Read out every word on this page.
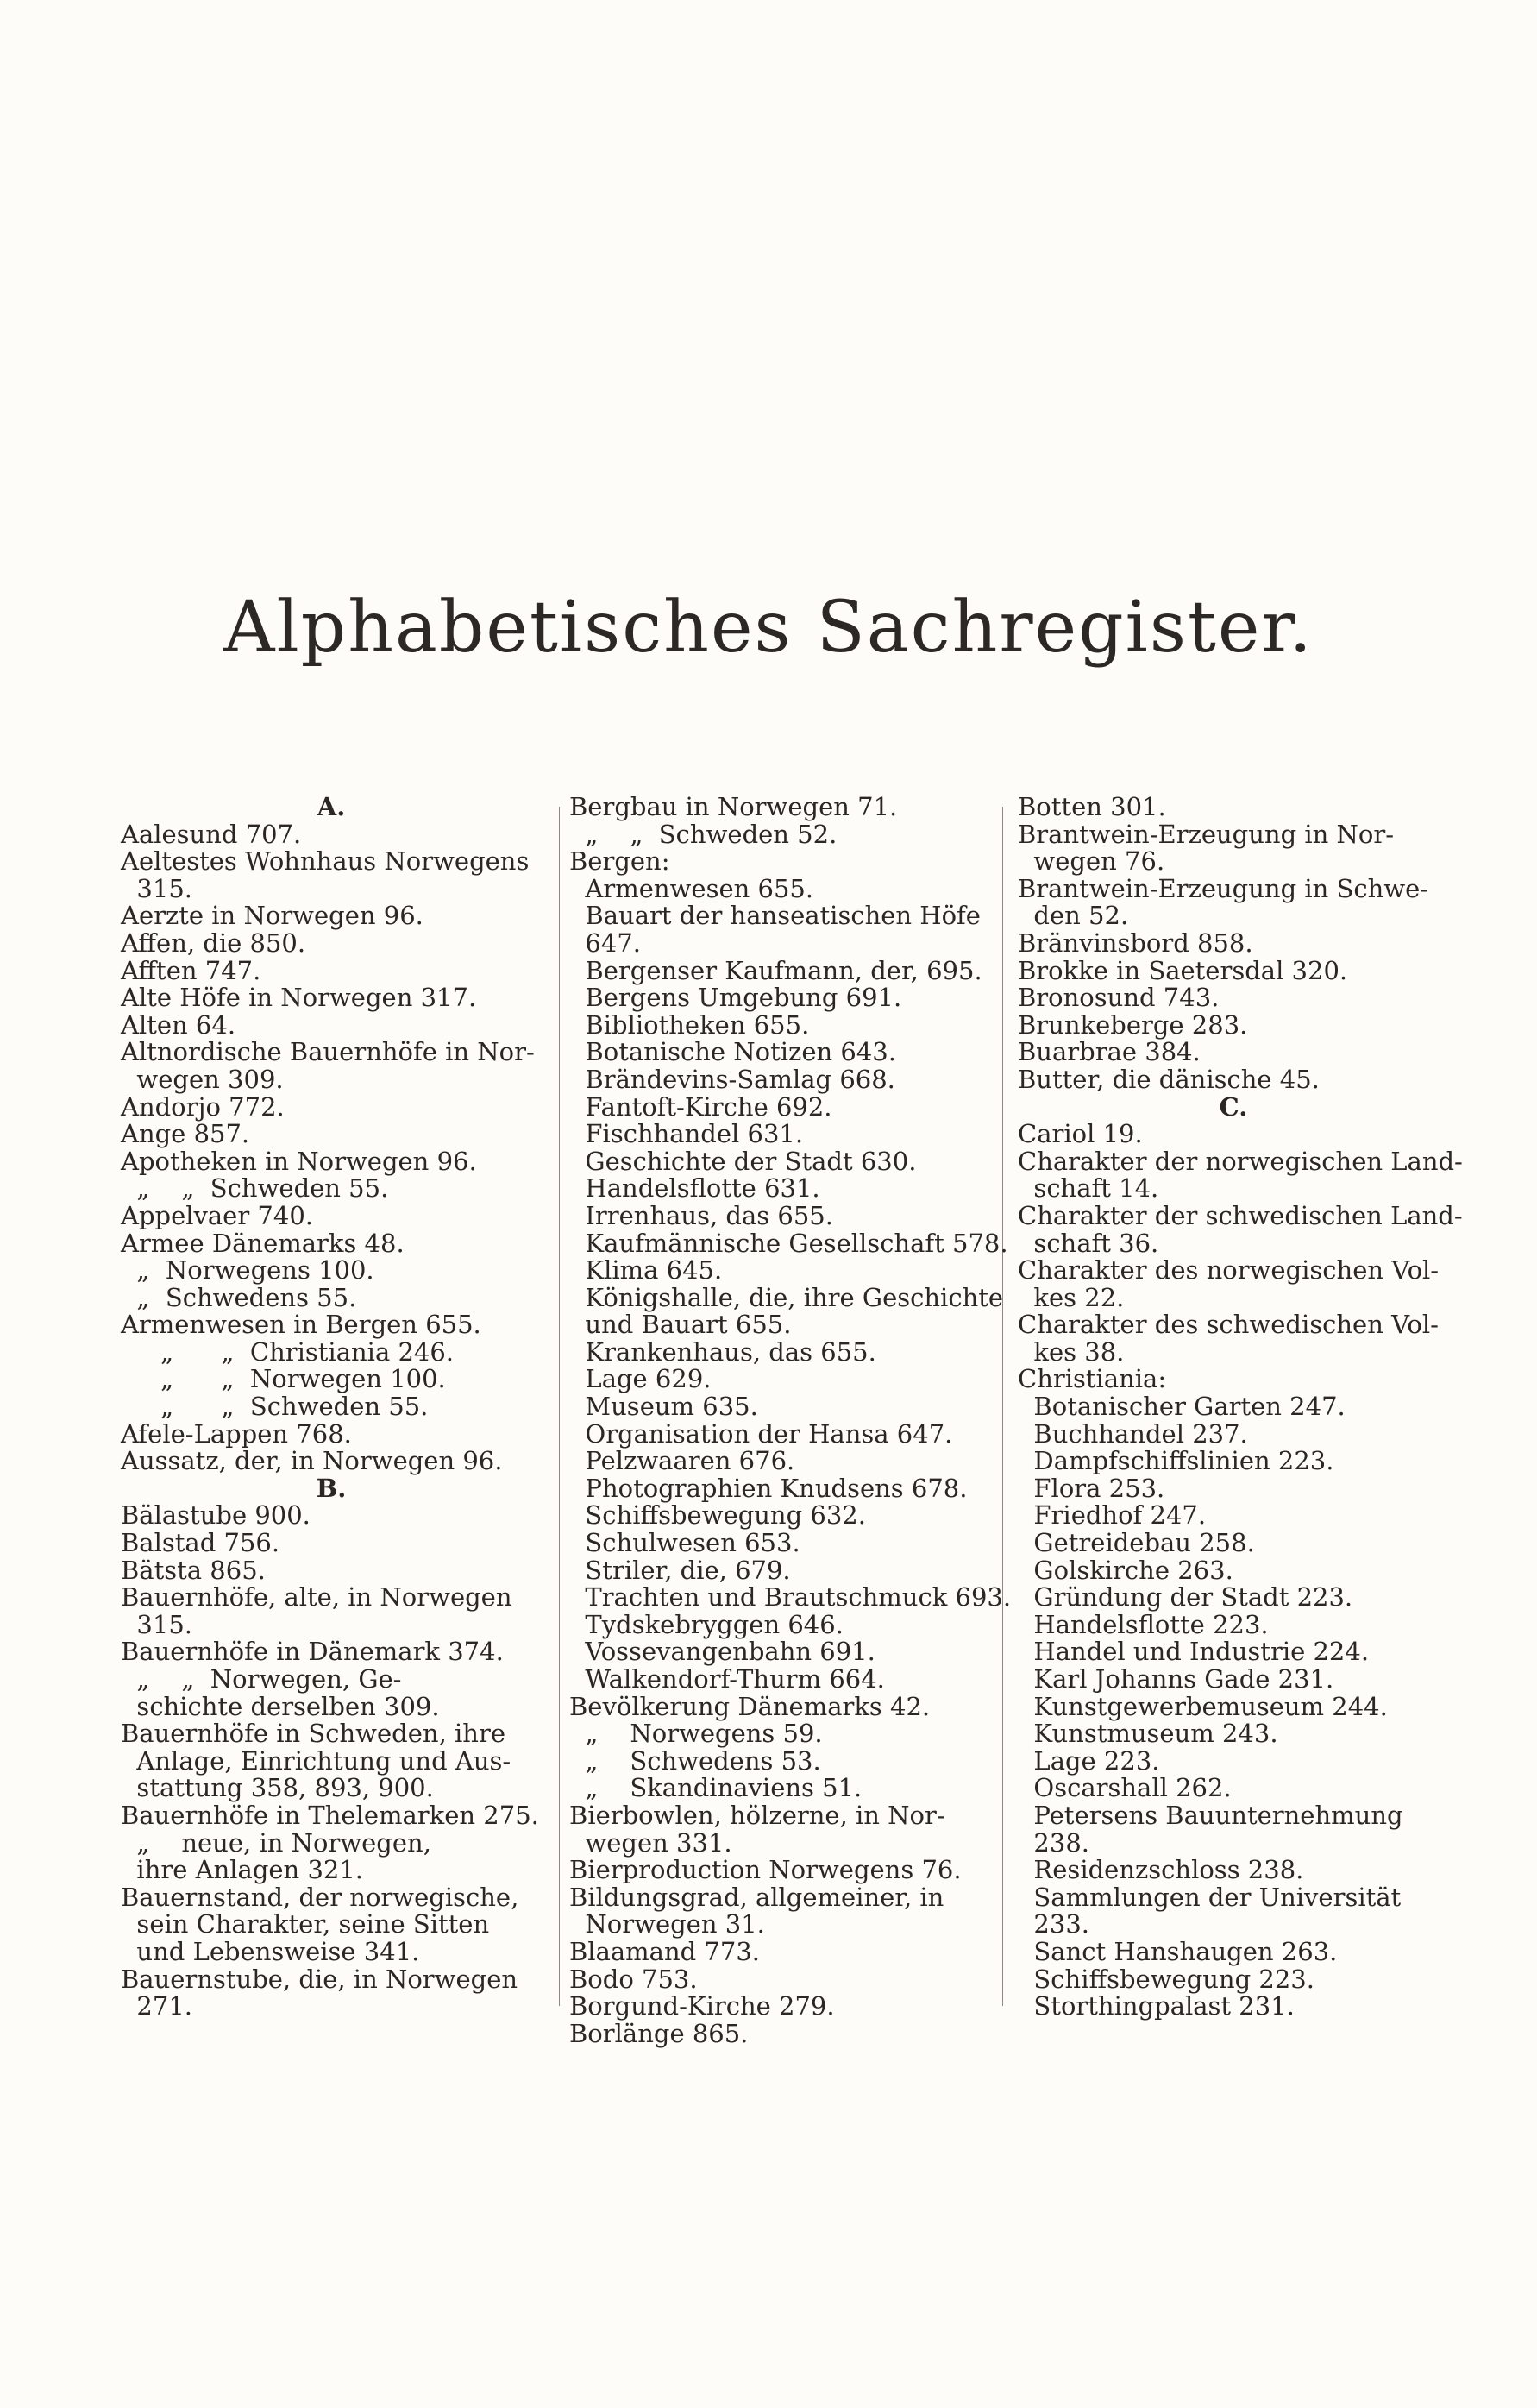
Alphabetisches Sachregister.
A.
Aalesund 707.
Aeltestes Wohnhaus Norwegens
315.
Aerzte in Norwegen 96.
Affen, die 850.
Afften 747.
Alte Höfe in Norwegen 317.
Alten 64.
Altnordische Bauernhöfe in Nor-
wegen 309.
Andorjo 772.
Ange 857.
Apotheken in Norwegen 96.
„    „  Schweden 55.
Appelvaer 740.
Armee Dänemarks 48.
„  Norwegens 100.
„  Schwedens 55.
Armenwesen in Bergen 655.
„      „  Christiania 246.
„      „  Norwegen 100.
„      „  Schweden 55.
Afele-Lappen 768.
Aussatz, der, in Norwegen 96.
B.
Bälastube 900.
Balstad 756.
Bätsta 865.
Bauernhöfe, alte, in Norwegen
315.
Bauernhöfe in Dänemark 374.
„    „  Norwegen, Ge-
schichte derselben 309.
Bauernhöfe in Schweden, ihre
Anlage, Einrichtung und Aus-
stattung 358, 893, 900.
Bauernhöfe in Thelemarken 275.
„    neue, in Norwegen,
ihre Anlagen 321.
Bauernstand, der norwegische,
sein Charakter, seine Sitten
und Lebensweise 341.
Bauernstube, die, in Norwegen
271.
Bergbau in Norwegen 71.
„    „  Schweden 52.
Bergen:
Armenwesen 655.
Bauart der hanseatischen Höfe
647.
Bergenser Kaufmann, der, 695.
Bergens Umgebung 691.
Bibliotheken 655.
Botanische Notizen 643.
Brändevins-Samlag 668.
Fantoft-Kirche 692.
Fischhandel 631.
Geschichte der Stadt 630.
Handelsflotte 631.
Irrenhaus, das 655.
Kaufmännische Gesellschaft 578.
Klima 645.
Königshalle, die, ihre Geschichte
und Bauart 655.
Krankenhaus, das 655.
Lage 629.
Museum 635.
Organisation der Hansa 647.
Pelzwaaren 676.
Photographien Knudsens 678.
Schiffsbewegung 632.
Schulwesen 653.
Striler, die, 679.
Trachten und Brautschmuck 693.
Tydskebryggen 646.
Vossevangenbahn 691.
Walkendorf-Thurm 664.
Bevölkerung Dänemarks 42.
„    Norwegens 59.
„    Schwedens 53.
„    Skandinaviens 51.
Bierbowlen, hölzerne, in Nor-
wegen 331.
Bierproduction Norwegens 76.
Bildungsgrad, allgemeiner, in
Norwegen 31.
Blaamand 773.
Bodo 753.
Borgund-Kirche 279.
Borlänge 865.
Botten 301.
Brantwein-Erzeugung in Nor-
wegen 76.
Brantwein-Erzeugung in Schwe-
den 52.
Bränvinsbord 858.
Brokke in Saetersdal 320.
Bronosund 743.
Brunkeberge 283.
Buarbrae 384.
Butter, die dänische 45.
C.
Cariol 19.
Charakter der norwegischen Land-
schaft 14.
Charakter der schwedischen Land-
schaft 36.
Charakter des norwegischen Vol-
kes 22.
Charakter des schwedischen Vol-
kes 38.
Christiania:
Botanischer Garten 247.
Buchhandel 237.
Dampfschiffslinien 223.
Flora 253.
Friedhof 247.
Getreidebau 258.
Golskirche 263.
Gründung der Stadt 223.
Handelsflotte 223.
Handel und Industrie 224.
Karl Johanns Gade 231.
Kunstgewerbemuseum 244.
Kunstmuseum 243.
Lage 223.
Oscarshall 262.
Petersens Bauunternehmung
238.
Residenzschloss 238.
Sammlungen der Universität
233.
Sanct Hanshaugen 263.
Schiffsbewegung 223.
Storthingpalast 231.
